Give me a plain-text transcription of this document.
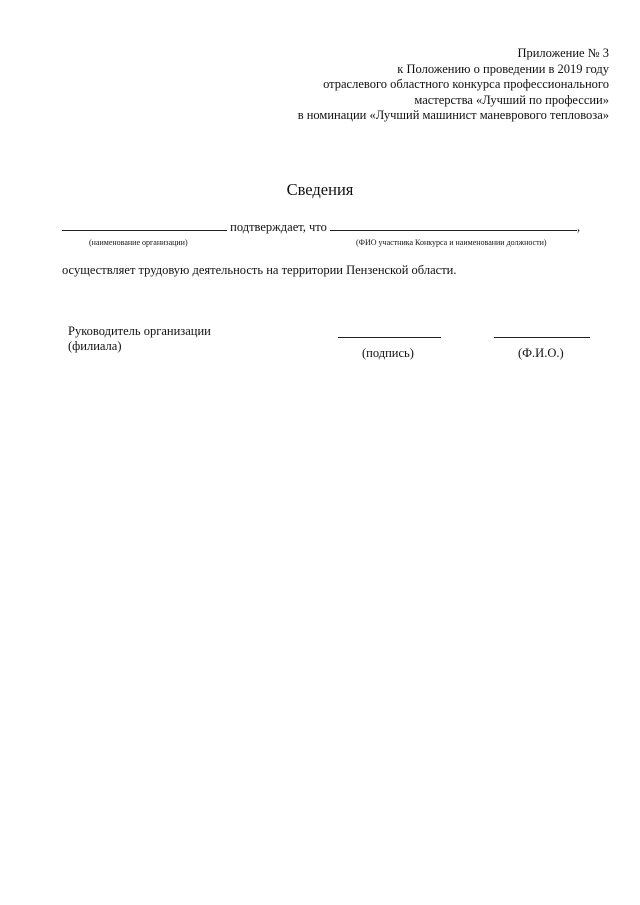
Приложение № 3
к Положению о проведении в 2019 году
отраслевого областного конкурса профессионального
мастерства «Лучший по профессии»
в номинации «Лучший машинист маневрового тепловоза»
Сведения
подтверждает, что	,
(наименование организации)	(ФИО участника Конкурса и наименовании должности)
осуществляет трудовую деятельность на территории Пензенской области.
Руководитель организации
(филиала)	(подпись)	(Ф.И.О.)
